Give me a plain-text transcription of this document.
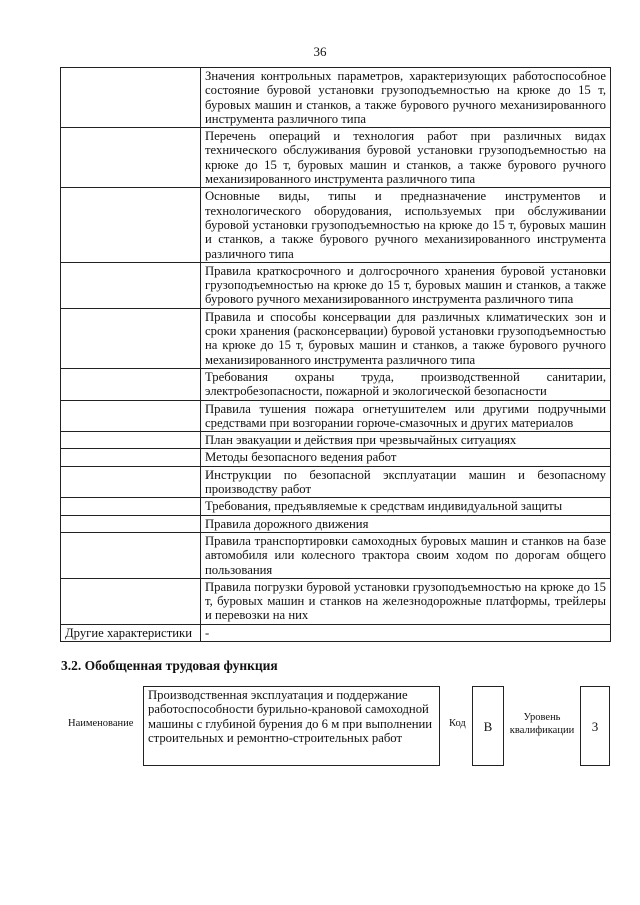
36
	Значения контрольных параметров, характеризующих работоспособное состояние буровой установки грузоподъемностью на крюке до 15 т, буровых машин и станков, а также бурового ручного механизированного инструмента различного типа
	Перечень операций и технология работ при различных видах технического обслуживания буровой установки грузоподъемностью на крюке до 15 т, буровых машин и станков, а также бурового ручного механизированного инструмента различного типа
	Основные виды, типы и предназначение инструментов и технологического оборудования, используемых при обслуживании буровой установки грузоподъемностью на крюке до 15 т, буровых машин и станков, а также бурового ручного механизированного инструмента различного типа
	Правила краткосрочного и долгосрочного хранения буровой установки грузоподъемностью на крюке до 15 т, буровых машин и станков, а также бурового ручного механизированного инструмента различного типа
	Правила и способы консервации для различных климатических зон и сроки хранения (расконсервации) буровой установки грузоподъемностью на крюке до 15 т, буровых машин и станков, а также бурового ручного механизированного инструмента различного типа
	Требования охраны труда, производственной санитарии, электробезопасности, пожарной и экологической безопасности
	Правила тушения пожара огнетушителем или другими подручными средствами при возгорании горюче-смазочных и других материалов
	План эвакуации и действия при чрезвычайных ситуациях
	Методы безопасного ведения работ
	Инструкции по безопасной эксплуатации машин и безопасному производству работ
	Требования, предъявляемые к средствам индивидуальной защиты
	Правила дорожного движения
	Правила транспортировки самоходных буровых машин и станков на базе автомобиля или колесного трактора своим ходом по дорогам общего пользования
	Правила погрузки буровой установки грузоподъемностью на крюке до 15 т, буровых машин и станков на железнодорожные платформы, трейлеры и перевозки на них
Другие характеристики	-
3.2. Обобщенная трудовая функция
Наименование
Производственная эксплуатация и поддержание работоспособности бурильно-крановой самоходной машины с глубиной бурения до 6 м при выполнении строительных и ремонтно-строительных работ
Код	B
Уровень квалификации	3
